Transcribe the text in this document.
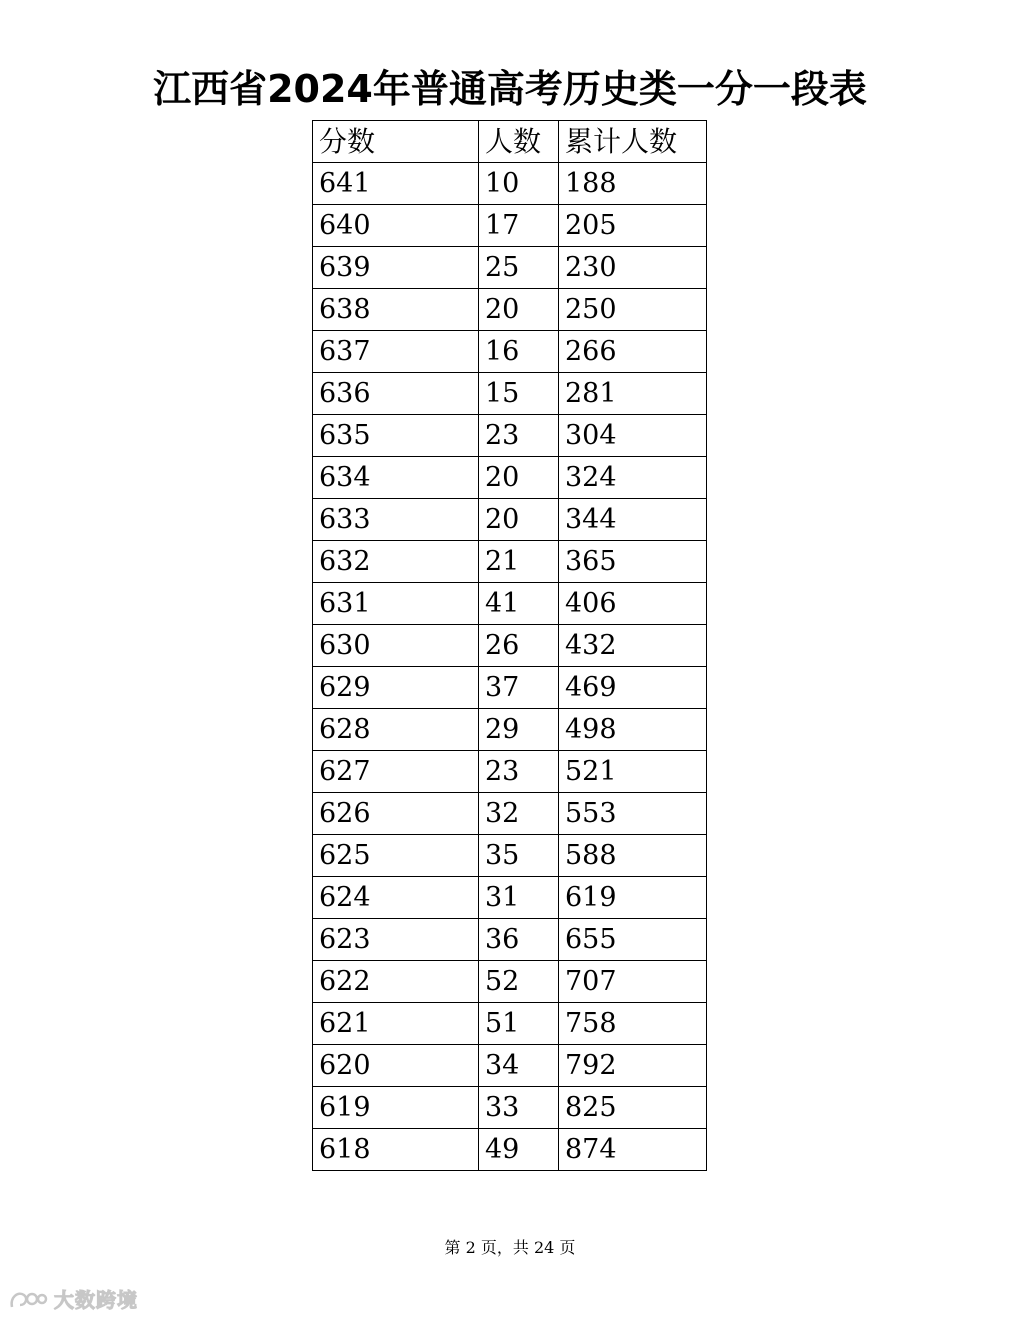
江西省2024年普通高考历史类一分一段表
分数	人数	累计人数
641	10	188
640	17	205
639	25	230
638	20	250
637	16	266
636	15	281
635	23	304
634	20	324
633	20	344
632	21	365
631	41	406
630	26	432
629	37	469
628	29	498
627	23	521
626	32	553
625	35	588
624	31	619
623	36	655
622	52	707
621	51	758
620	34	792
619	33	825
618	49	874
第 2 页，共 24 页
大数跨境
